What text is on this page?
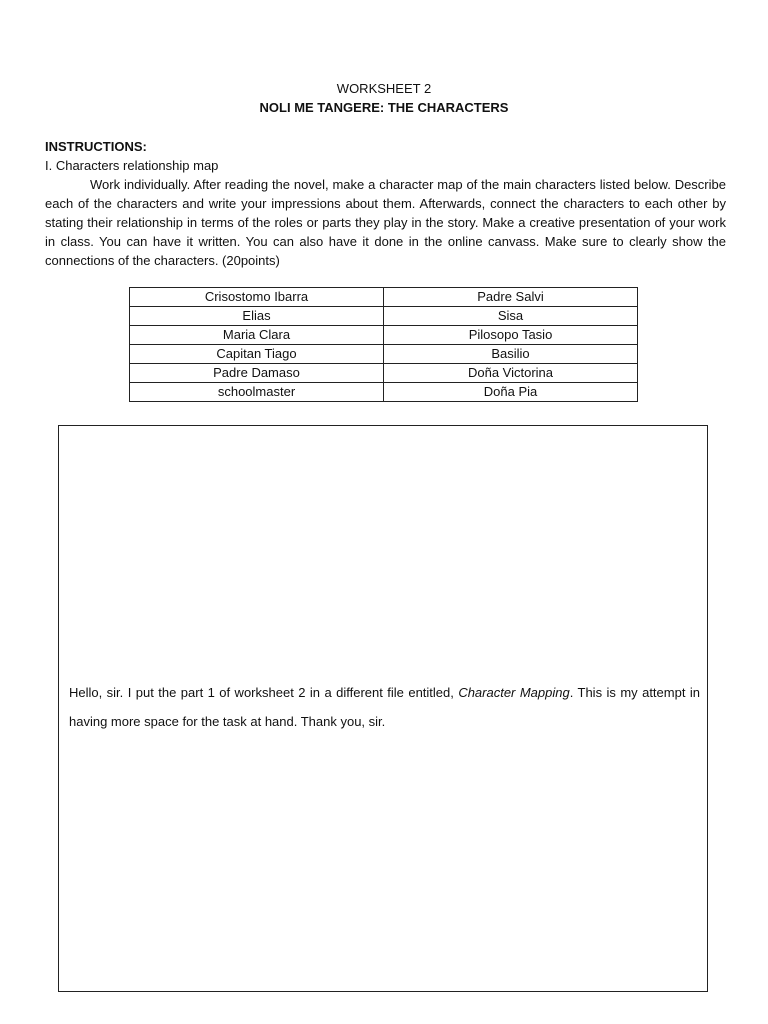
WORKSHEET 2
NOLI ME TANGERE: THE CHARACTERS
INSTRUCTIONS:
I. Characters relationship map

Work individually. After reading the novel, make a character map of the main characters listed below. Describe each of the characters and write your impressions about them. Afterwards, connect the characters to each other by stating their relationship in terms of the roles or parts they play in the story. Make a creative presentation of your work in class. You can have it written. You can also have it done in the online canvass. Make sure to clearly show the connections of the characters. (20points)

Crisostomo Ibarra	Padre Salvi
Elias	Sisa
Maria Clara	Pilosopo Tasio
Capitan Tiago	Basilio
Padre Damaso	Doña Victorina
schoolmaster	Doña Pia
Hello, sir. I put the part 1 of worksheet 2 in a different file entitled, Character Mapping. This is my attempt in having more space for the task at hand. Thank you, sir.
